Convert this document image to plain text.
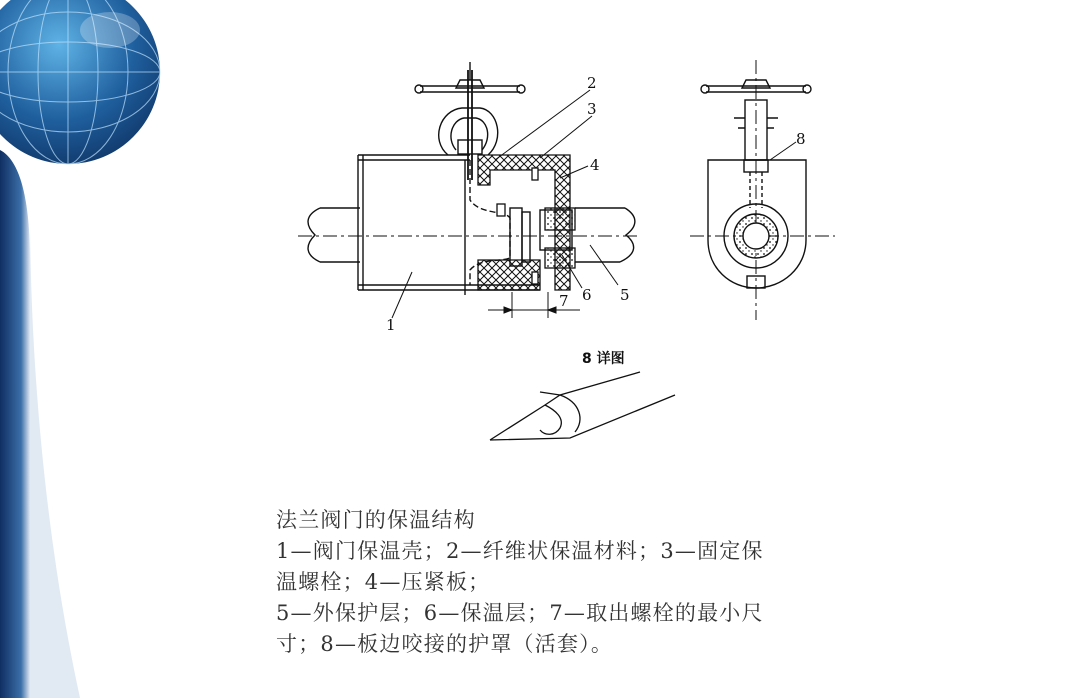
2
3
4
5
6
7
1
8
8 详图
法兰阀门的保温结构
1—阀门保温壳；2—纤维状保温材料；3—固定保
温螺栓；4—压紧板；
5—外保护层；6—保温层；7—取出螺栓的最小尺
寸；8—板边咬接的护罩（活套）。
